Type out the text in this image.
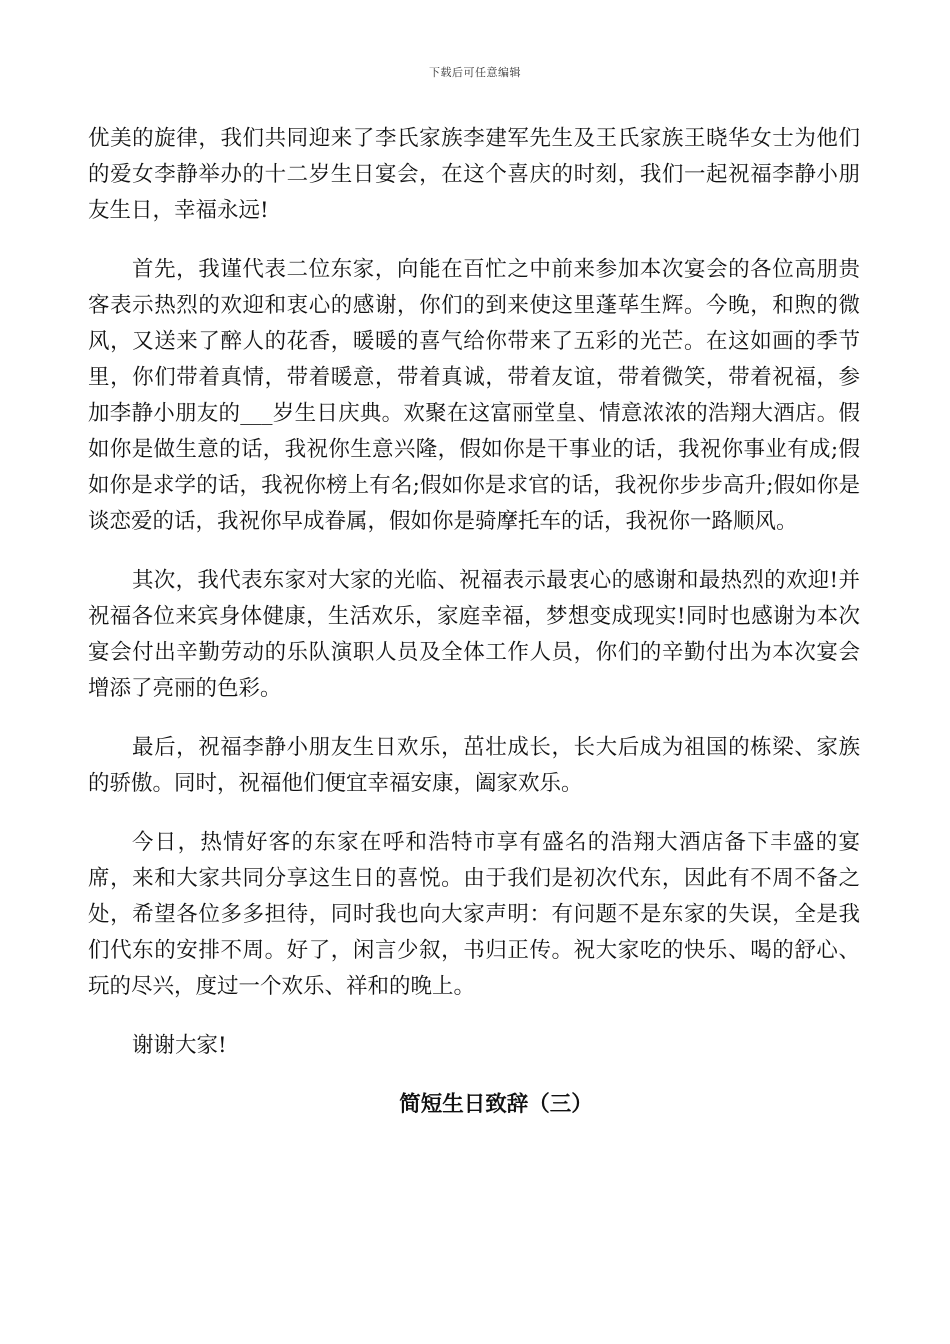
下载后可任意编辑

优美的旋律，我们共同迎来了李氏家族李建军先生及王氏家族王晓华女士为他们的爱女李静举办的十二岁生日宴会，在这个喜庆的时刻，我们一起祝福李静小朋友生日，幸福永远!

首先，我谨代表二位东家，向能在百忙之中前来参加本次宴会的各位高朋贵客表示热烈的欢迎和衷心的感谢，你们的到来使这里蓬荜生辉。今晚，和煦的微风，又送来了醉人的花香，暖暖的喜气给你带来了五彩的光芒。在这如画的季节里，你们带着真情，带着暖意，带着真诚，带着友谊，带着微笑，带着祝福，参加李静小朋友的___岁生日庆典。欢聚在这富丽堂皇、情意浓浓的浩翔大酒店。假如你是做生意的话，我祝你生意兴隆，假如你是干事业的话，我祝你事业有成;假如你是求学的话，我祝你榜上有名;假如你是求官的话，我祝你步步高升;假如你是谈恋爱的话，我祝你早成眷属，假如你是骑摩托车的话，我祝你一路顺风。

其次，我代表东家对大家的光临、祝福表示最衷心的感谢和最热烈的欢迎!并祝福各位来宾身体健康，生活欢乐，家庭幸福，梦想变成现实!同时也感谢为本次宴会付出辛勤劳动的乐队演职人员及全体工作人员，你们的辛勤付出为本次宴会增添了亮丽的色彩。

最后，祝福李静小朋友生日欢乐，茁壮成长，长大后成为祖国的栋梁、家族的骄傲。同时，祝福他们便宜幸福安康，阖家欢乐。

今日，热情好客的东家在呼和浩特市享有盛名的浩翔大酒店备下丰盛的宴席，来和大家共同分享这生日的喜悦。由于我们是初次代东，因此有不周不备之处，希望各位多多担待，同时我也向大家声明：有问题不是东家的失误，全是我们代东的安排不周。好了，闲言少叙，书归正传。祝大家吃的快乐、喝的舒心、玩的尽兴，度过一个欢乐、祥和的晚上。

谢谢大家!

简短生日致辞（三）
